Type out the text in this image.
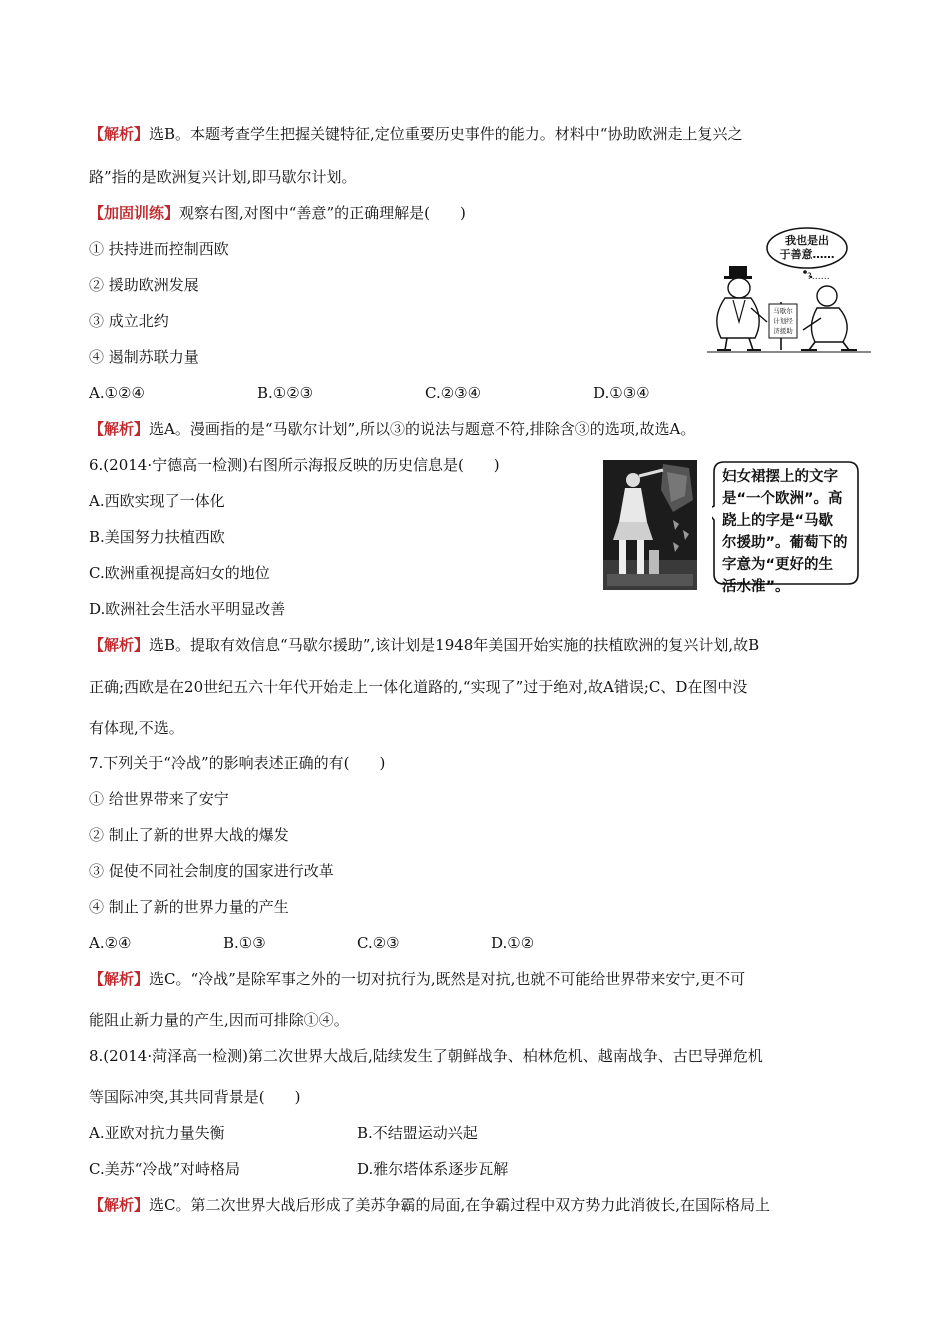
【解析】选B。本题考查学生把握关键特征,定位重要历史事件的能力。材料中“协助欧洲走上复兴之
路”指的是欧洲复兴计划,即马歇尔计划。
【加固训练】观察右图,对图中“善意”的正确理解是(　　)
① 扶持进而控制西欧
② 援助欧洲发展
③ 成立北约
④ 遏制苏联力量
A.①②④	B.①②③	C.②③④	D.①③④
【解析】选A。漫画指的是“马歇尔计划”,所以③的说法与题意不符,排除含③的选项,故选A。
我也是出
于善意……
?……
马歇尔
计划经
济援助
6.(2014·宁德高一检测)右图所示海报反映的历史信息是(　　)
A.西欧实现了一体化
B.美国努力扶植西欧
C.欧洲重视提高妇女的地位
D.欧洲社会生活水平明显改善
妇女裙摆上的文字
是“一个欧洲”。高
跷上的字是“马歇
尔援助”。葡萄下的
字意为“更好的生
活水准”。
【解析】选B。提取有效信息“马歇尔援助”,该计划是1948年美国开始实施的扶植欧洲的复兴计划,故B
正确;西欧是在20世纪五六十年代开始走上一体化道路的,“实现了”过于绝对,故A错误;C、D在图中没
有体现,不选。
7.下列关于“冷战”的影响表述正确的有(　　)
① 给世界带来了安宁
② 制止了新的世界大战的爆发
③ 促使不同社会制度的国家进行改革
④ 制止了新的世界力量的产生
A.②④	B.①③	C.②③	D.①②
【解析】选C。“冷战”是除军事之外的一切对抗行为,既然是对抗,也就不可能给世界带来安宁,更不可
能阻止新力量的产生,因而可排除①④。
8.(2014·菏泽高一检测)第二次世界大战后,陆续发生了朝鲜战争、柏林危机、越南战争、古巴导弹危机
等国际冲突,其共同背景是(　　)
A.亚欧对抗力量失衡	B.不结盟运动兴起
C.美苏“冷战”对峙格局	D.雅尔塔体系逐步瓦解
【解析】选C。第二次世界大战后形成了美苏争霸的局面,在争霸过程中双方势力此消彼长,在国际格局上
